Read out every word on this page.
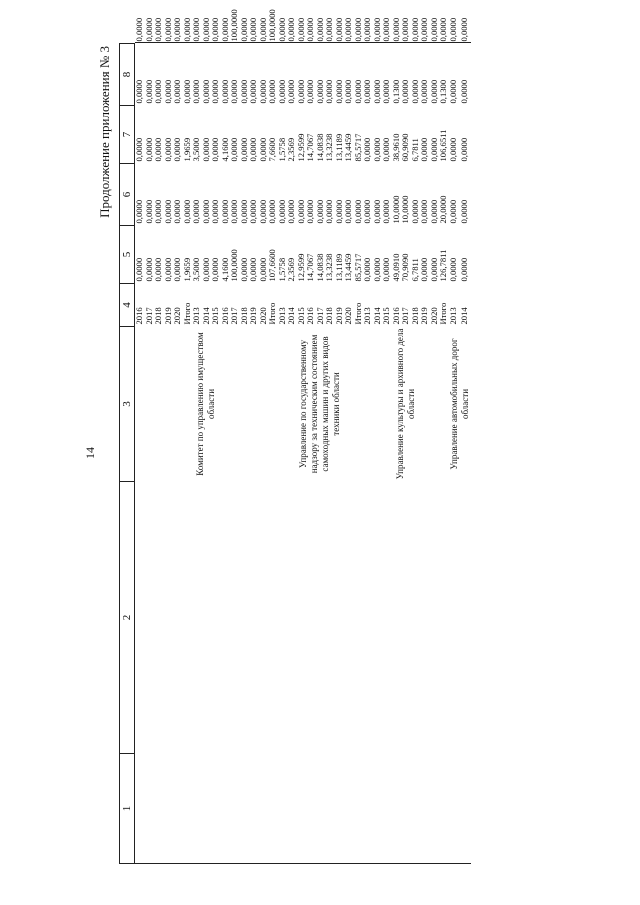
14
Продолжение приложения № 3
1	2	3	4	5	6	7	8	
		Комитет по управлению имуществом области	2016	0,0000	0,0000	0,0000	0,0000	0,0000
			2017	0,0000	0,0000	0,0000	0,0000	0,0000
			2018	0,0000	0,0000	0,0000	0,0000	0,0000
			2019	0,0000	0,0000	0,0000	0,0000	0,0000
			2020	0,0000	0,0000	0,0000	0,0000	0,0000
			Итого	1,9659	0,0000	1,9659	0,0000	0,0000
			2013	3,5000	0,0000	3,5000	0,0000	0,0000
			2014	0,0000	0,0000	0,0000	0,0000	0,0000
			2015	0,0000	0,0000	0,0000	0,0000	0,0000
			2016	4,1600	0,0000	4,1600	0,0000	0,0000
			2017	100,0000	0,0000	0,0000	0,0000	100,0000
			2018	0,0000	0,0000	0,0000	0,0000	0,0000
			2019	0,0000	0,0000	0,0000	0,0000	0,0000
			2020	0,0000	0,0000	0,0000	0,0000	0,0000
			Итого	107,6600	0,0000	7,6600	0,0000	100,0000
		Управление по государственному надзору за техническим состоянием самоходных машин и других видов техники области	2013	1,5758	0,0000	1,5758	0,0000	0,0000
			2014	2,3569	0,0000	2,3569	0,0000	0,0000
			2015	12,9599	0,0000	12,9599	0,0000	0,0000
			2016	14,7067	0,0000	14,7067	0,0000	0,0000
			2017	14,0838	0,0000	14,0838	0,0000	0,0000
			2018	13,3238	0,0000	13,3238	0,0000	0,0000
			2019	13,1189	0,0000	13,1189	0,0000	0,0000
			2020	13,4459	0,0000	13,4459	0,0000	0,0000
			Итого	85,5717	0,0000	85,5717	0,0000	0,0000
		Управление культуры и архивного дела области	2013	0,0000	0,0000	0,0000	0,0000	0,0000
			2014	0,0000	0,0000	0,0000	0,0000	0,0000
			2015	0,0000	0,0000	0,0000	0,0000	0,0000
			2016	49,0910	10,0000	38,9610	0,1300	0,0000
			2017	70,9090	10,0000	60,9090	0,0000	0,0000
			2018	6,7811	0,0000	6,7811	0,0000	0,0000
			2019	0,0000	0,0000	0,0000	0,0000	0,0000
			2020	0,0000	0,0000	0,0000	0,0000	0,0000
			Итого	126,7811	20,0000	106,6511	0,1300	0,0000
		Управление автомобильных дорог области	2013	0,0000	0,0000	0,0000	0,0000	0,0000
			2014	0,0000	0,0000	0,0000	0,0000	0,0000
